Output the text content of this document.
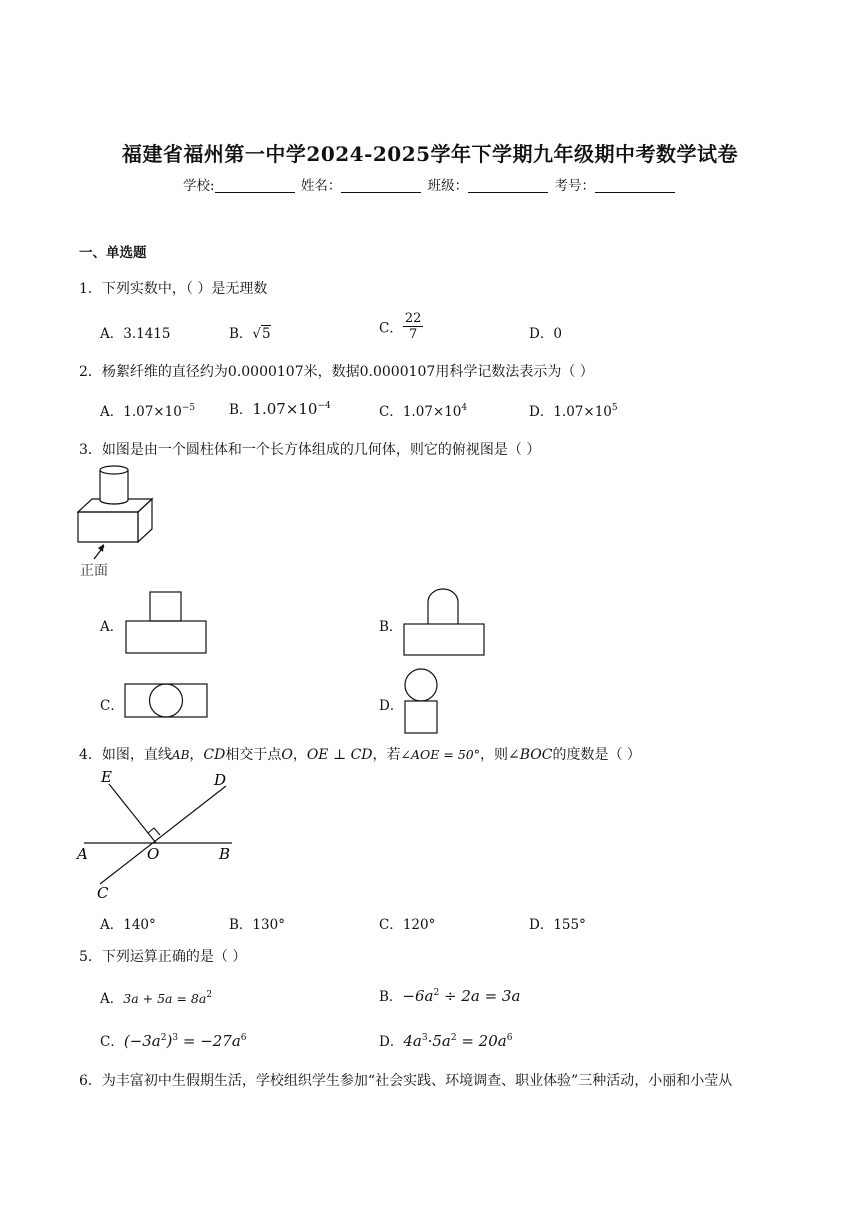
福建省福州第一中学2024-2025学年下学期九年级期中考数学试卷
学校:	姓名：	班级：	考号：
一、单选题
1．下列实数中，（ ）是无理数
A．3.1415	B．√5	C． $\frac{22}{7}$	D．0
2．杨絮纤维的直径约为0.0000107米，数据0.0000107用科学记数法表示为（ ）
A．$1.07\times 10^{-5}$	B．$1.07\times 10^{-4}$	C．$1.07\times 10^4$	D．$1.07\times 10^5$
3．如图是由一个圆柱体和一个长方体组成的几何体，则它的俯视图是（ ）
正面
A．	B．
C．	D．
4．如图，直线AB，CD相交于点O，OE ⊥ CD，若∠AOE = 50°，则∠BOC的度数是（ ）
E	D
A	O	B
C
A．140°	B．130°	C．120°	D．155°
5．下列运算正确的是（ ）
A．$3a + 5a = 8a^2$	B．$-6a^2 \div 2a = 3a$
C．$(-3a^2)^3 = -27a^6$	D．$4a^3\cdot 5a^2 = 20a^6$
6．为丰富初中生假期生活，学校组织学生参加“社会实践、环境调查、职业体验”三种活动，小丽和小莹从
